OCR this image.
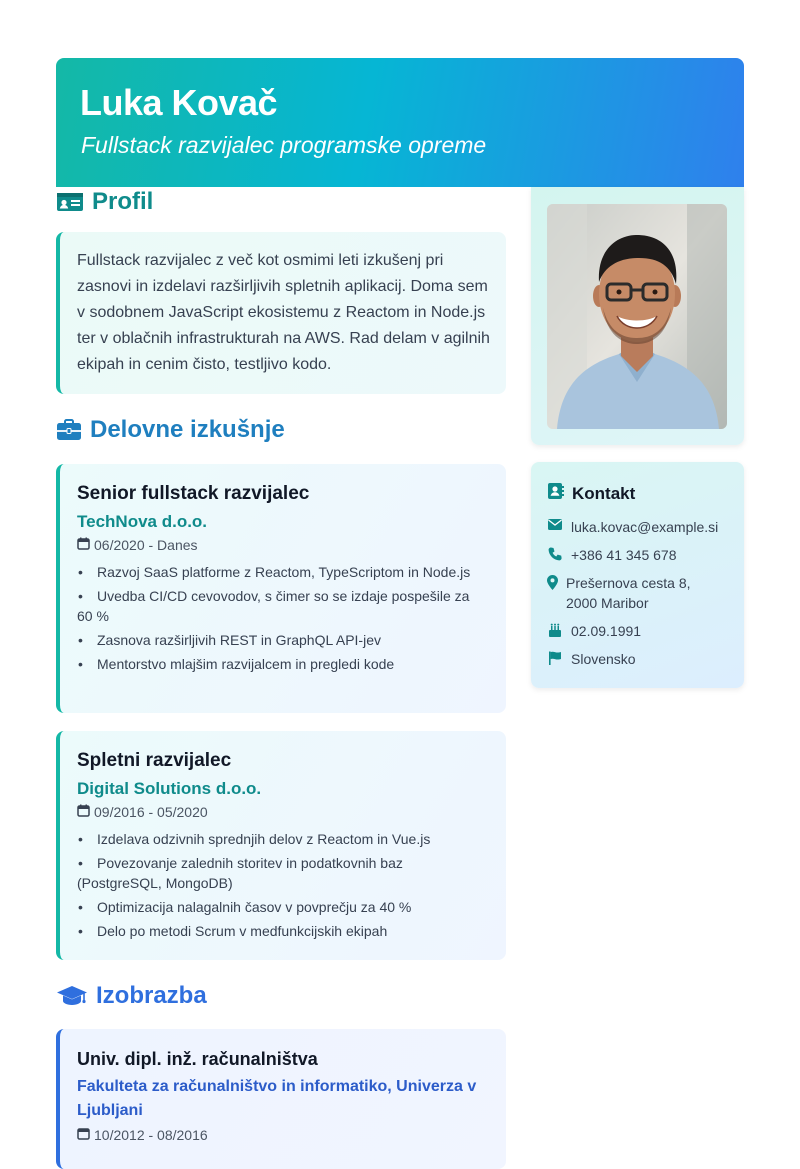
Luka Kovač
Fullstack razvijalec programske opreme
Profil
Fullstack razvijalec z več kot osmimi leti izkušenj pri zasnovi in izdelavi razširljivih spletnih aplikacij. Doma sem v sodobnem JavaScript ekosistemu z Reactom in Node.js ter v oblačnih infrastrukturah na AWS. Rad delam v agilnih ekipah in cenim čisto, testljivo kodo.
Delovne izkušnje
Senior fullstack razvijalec
TechNova d.o.o.
06/2020 - Danes
• Razvoj SaaS platforme z Reactom, TypeScriptom in Node.js
• Uvedba CI/CD cevovodov, s čimer so se izdaje pospešile za 60 %
• Zasnova razširljivih REST in GraphQL API-jev
• Mentorstvo mlajšim razvijalcem in pregledi kode
Spletni razvijalec
Digital Solutions d.o.o.
09/2016 - 05/2020
• Izdelava odzivnih sprednjih delov z Reactom in Vue.js
• Povezovanje zalednih storitev in podatkovnih baz (PostgreSQL, MongoDB)
• Optimizacija nalagalnih časov v povprečju za 40 %
• Delo po metodi Scrum v medfunkcijskih ekipah
Izobrazba
Univ. dipl. inž. računalništva
Fakulteta za računalništvo in informatiko, Univerza v Ljubljani
10/2012 - 08/2016
Kontakt
luka.kovac@example.si
+386 41 345 678
Prešernova cesta 8, 2000 Maribor
02.09.1991
Slovensko
